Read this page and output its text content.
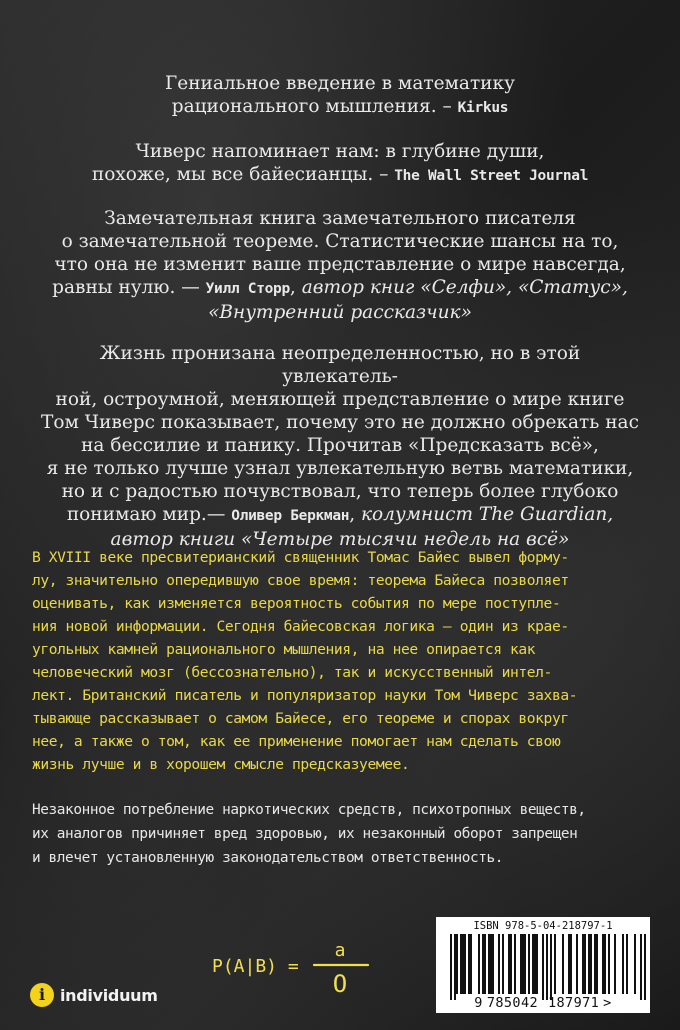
Гениальное введение в математику
рационального мышления. – Kirkus
Чиверс напоминает нам: в глубине души,
похоже, мы все байесианцы. – The Wall Street Journal
Замечательная книга замечательного писателя
о замечательной теореме. Статистические шансы на то,
что она не изменит ваше представление о мире навсегда,
равны нулю. — Уилл Сторр, автор книг «Селфи», «Статус»,
«Внутренний рассказчик»
Жизнь пронизана неопределенностью, но в этой увлекатель-
ной, остроумной, меняющей представление о мире книге
Том Чиверс показывает, почему это не должно обрекать нас
на бессилие и панику. Прочитав «Предсказать всё»,
я не только лучше узнал увлекательную ветвь математики,
но и с радостью почувствовал, что теперь более глубоко
понимаю мир.— Оливер Беркман, колумнист The Guardian,
автор книги «Четыре тысячи недель на всё»
В XVIII веке пресвитерианский священник Томас Байес вывел форму-
лу, значительно опередившую свое время: теорема Байеса позволяет
оценивать, как изменяется вероятность события по мере поступле-
ния новой информации. Сегодня байесовская логика – один из крае-
угольных камней рационального мышления, на нее опирается как
человеческий мозг (бессознательно), так и искусственный интел-
лект. Британский писатель и популяризатор науки Том Чиверс захва-
тывающе рассказывает о самом Байесе, его теореме и спорах вокруг
нее, а также о том, как ее применение помогает нам сделать свою
жизнь лучше и в хорошем смысле предсказуемее.
Незаконное потребление наркотических средств, психотропных веществ,
их аналогов причиняет вред здоровью, их незаконный оборот запрещен
и влечет установленную законодательством ответственность.
P(A|B) =
a
O
i individuum
ISBN 978-5-04-218797-1
9 785042 187971 >
